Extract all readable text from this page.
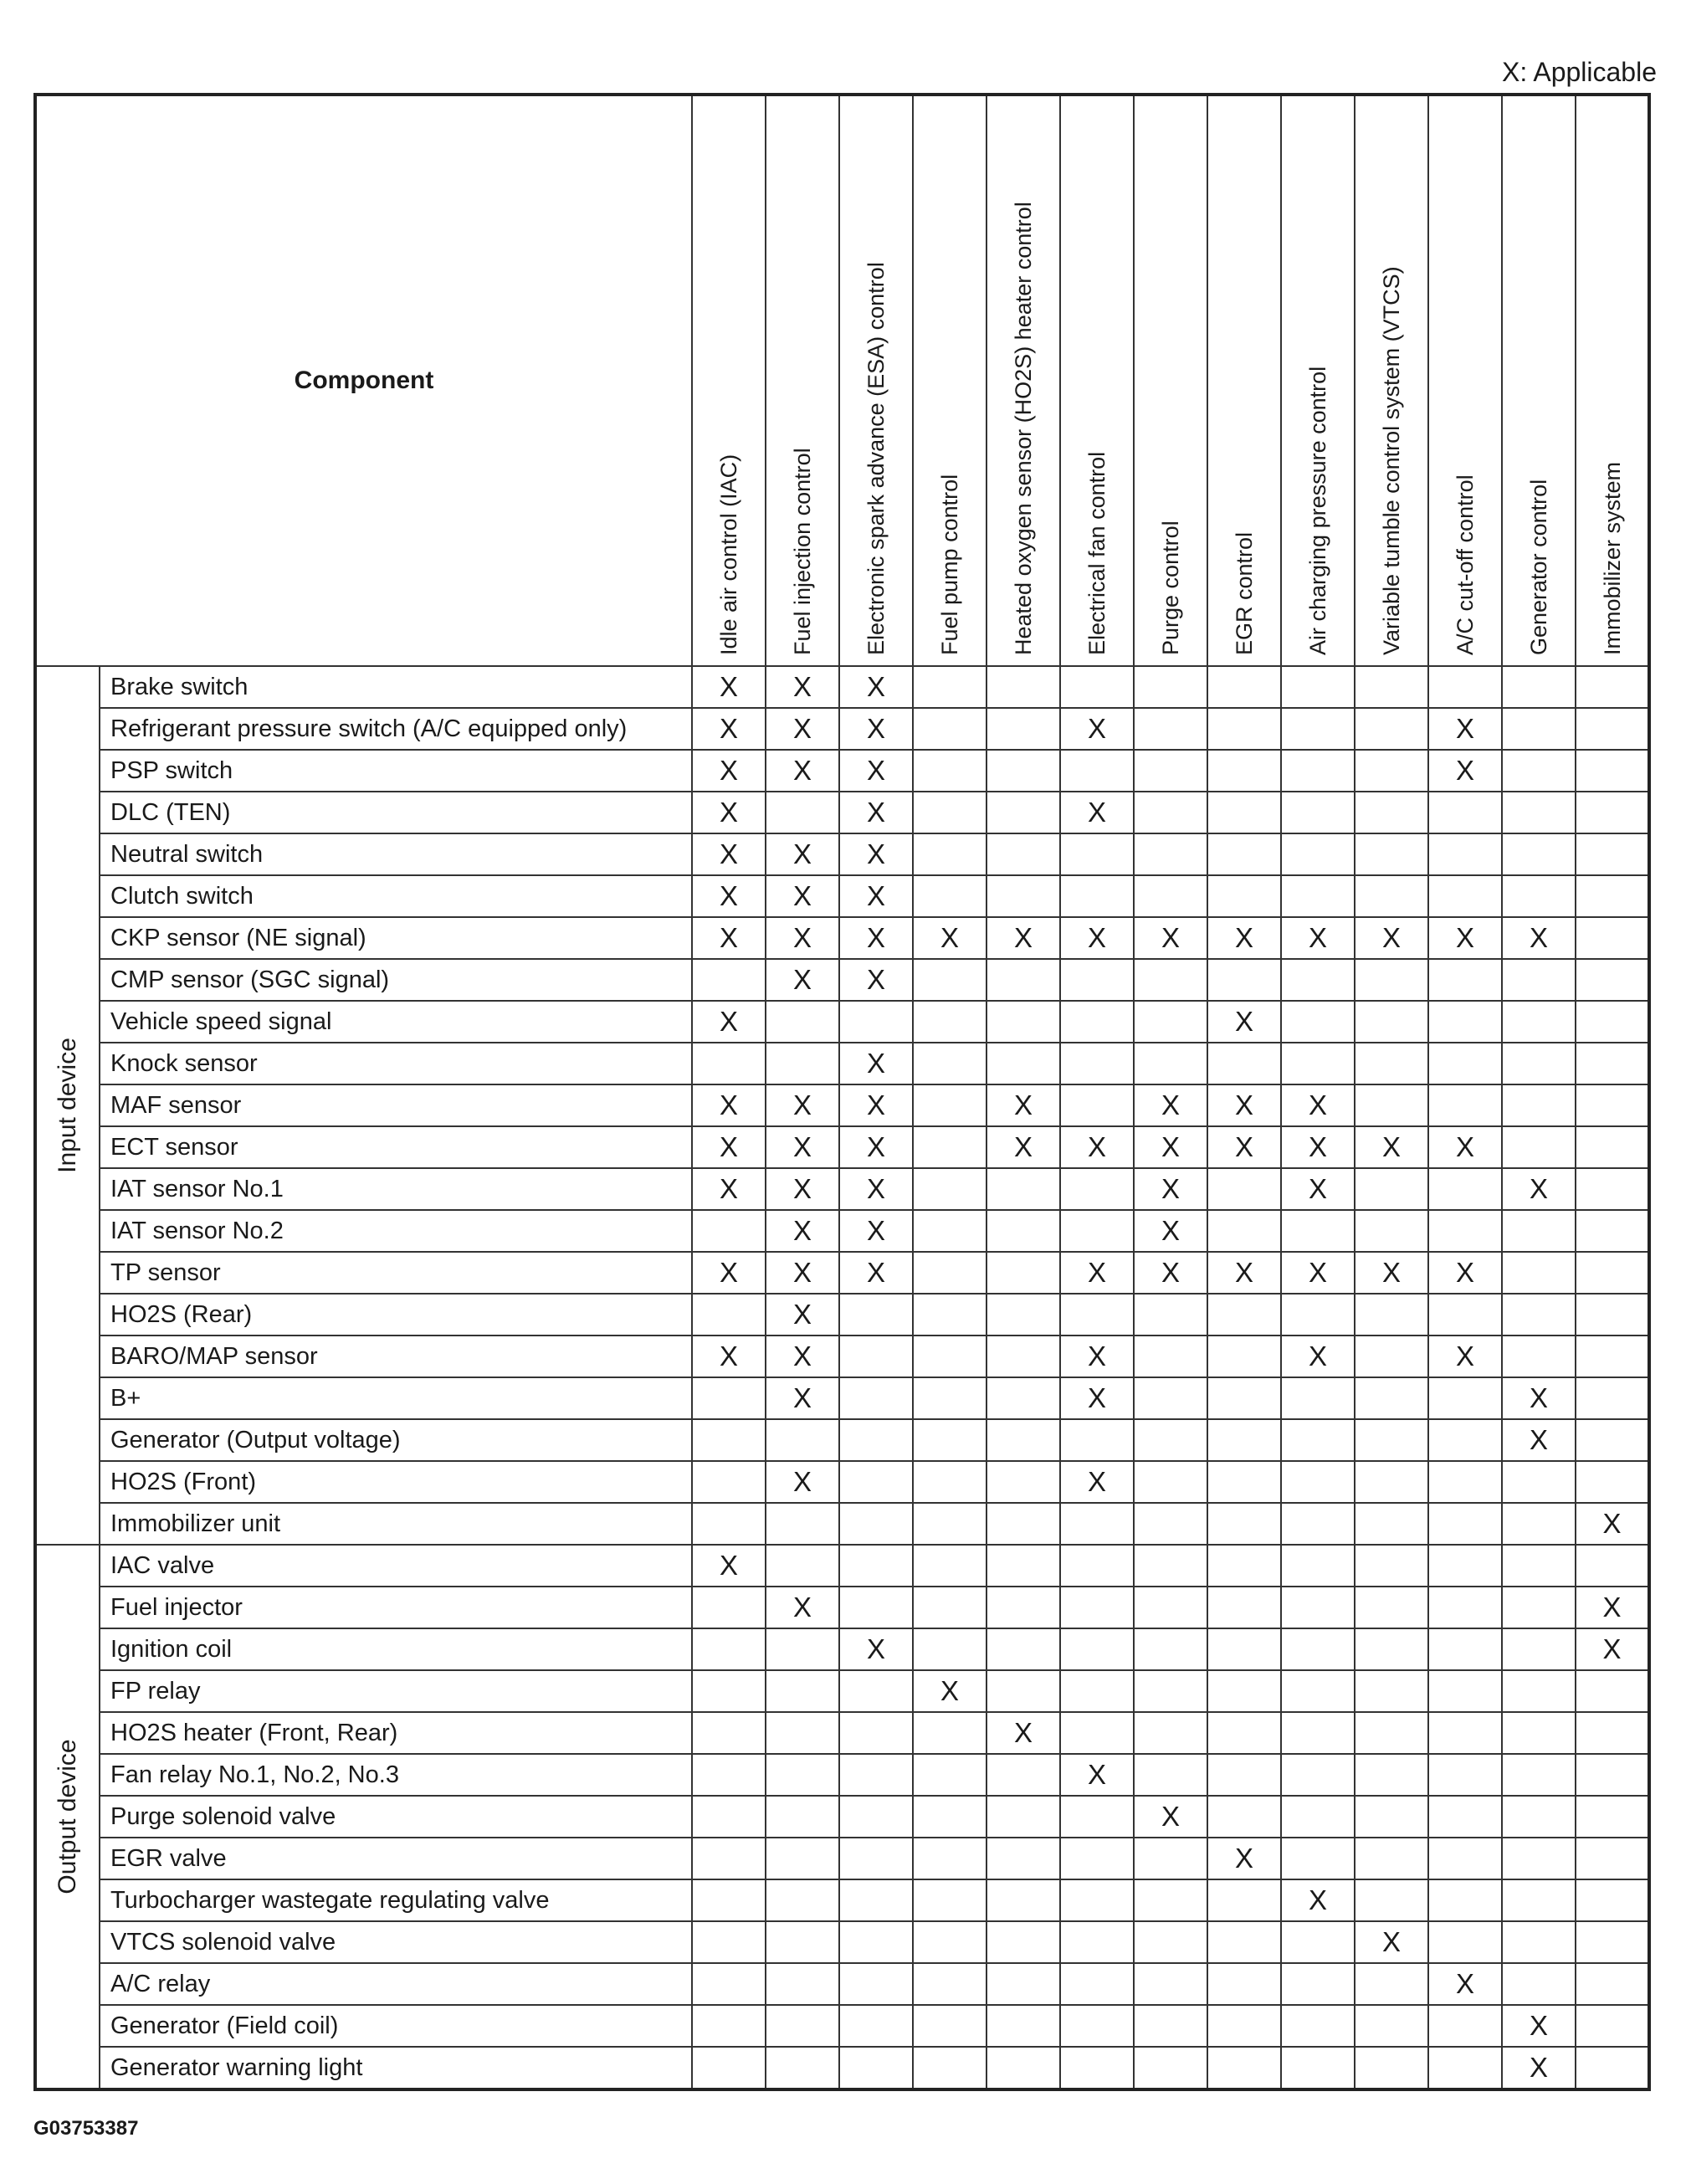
X: Applicable
Component		Idle air control (IAC)	Fuel injection control	Electronic spark advance (ESA) control	Fuel pump control	Heated oxygen sensor (HO2S) heater control	Electrical fan control	Purge control	EGR control	Air charging pressure control	Variable tumble control system (VTCS)	A/C cut-off control	Generator control	Immobilizer system

Input device	Brake switch	X	X	X										
	Refrigerant pressure switch (A/C equipped only)	X	X	X			X					X		
	PSP switch	X	X	X								X		
	DLC (TEN)	X		X			X							
	Neutral switch	X	X	X										
	Clutch switch	X	X	X										
	CKP sensor (NE signal)	X	X	X	X	X	X	X	X	X	X	X	X	
	CMP sensor (SGC signal)		X	X										
	Vehicle speed signal	X							X					
	Knock sensor			X										
	MAF sensor	X	X	X		X		X	X	X				
	ECT sensor	X	X	X		X	X	X	X	X	X	X		
	IAT sensor No.1	X	X	X				X		X			X	
	IAT sensor No.2		X	X				X						
	TP sensor	X	X	X			X	X	X	X	X	X		
	HO2S (Rear)		X											
	BARO/MAP sensor	X	X				X			X		X		
	B+		X				X						X	
	Generator (Output voltage)												X	
	HO2S (Front)		X				X							
	Immobilizer unit													X

Output device	IAC valve	X												
	Fuel injector		X											X
	Ignition coil			X										X
	FP relay				X									
	HO2S heater (Front, Rear)					X								
	Fan relay No.1, No.2, No.3						X							
	Purge solenoid valve							X						
	EGR valve								X					
	Turbocharger wastegate regulating valve									X				
	VTCS solenoid valve										X			
	A/C relay											X		
	Generator (Field coil)												X	
	Generator warning light												X	
G03753387
